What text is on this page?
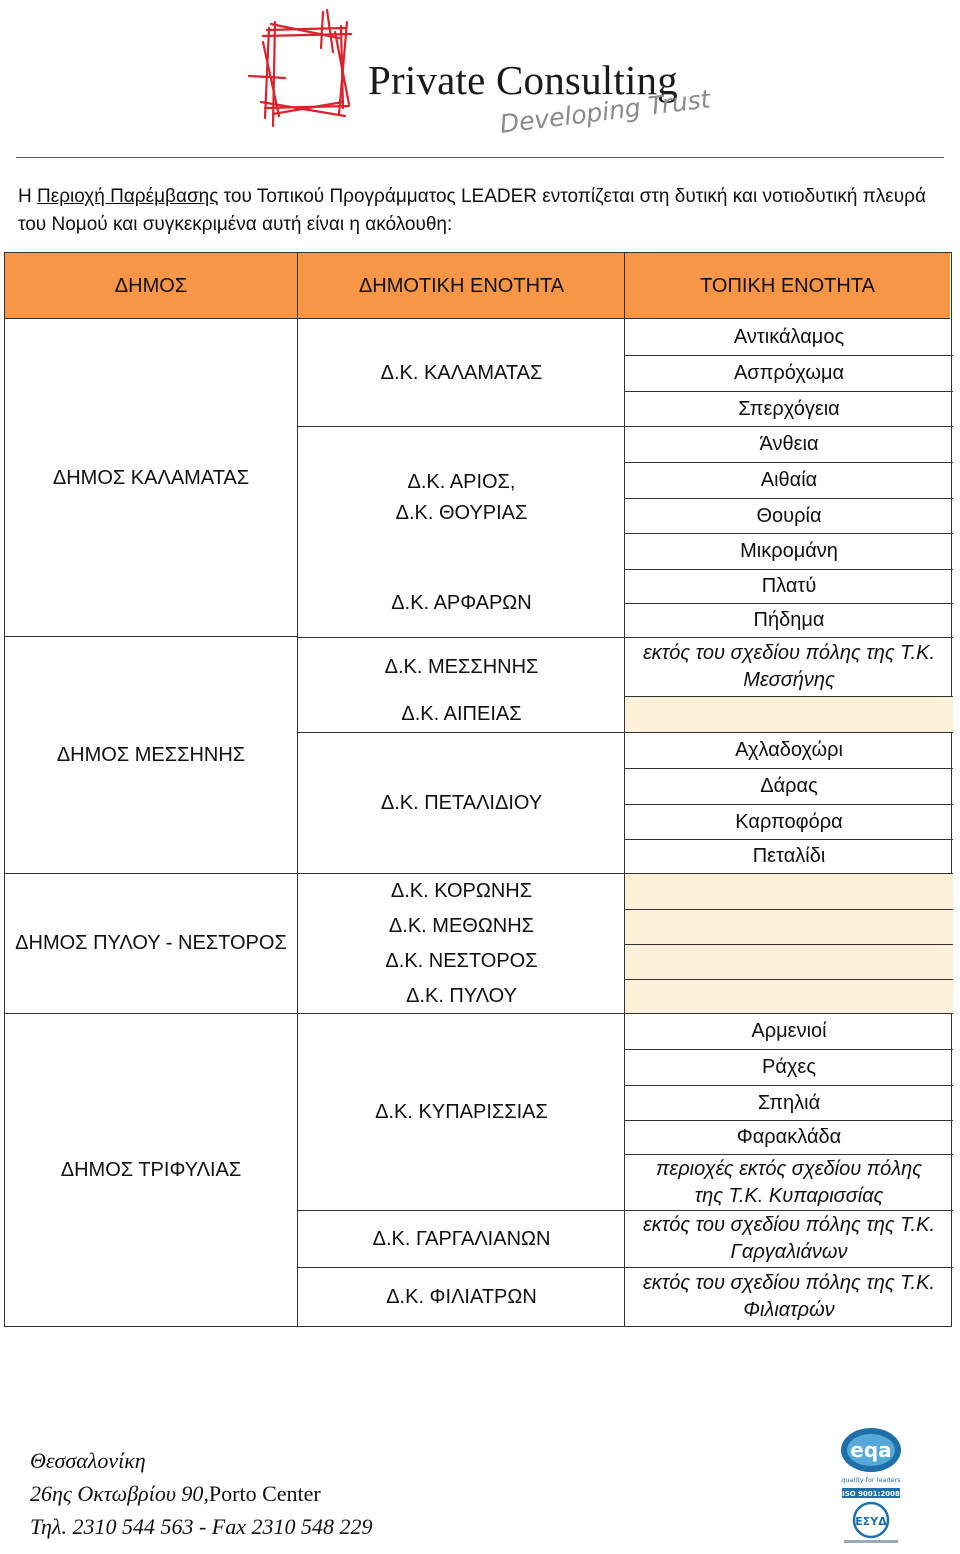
Private Consulting
Developing Trust
Η Περιοχή Παρέμβασης του Τοπικού Προγράμματος LEADER εντοπίζεται στη δυτική και νοτιοδυτική πλευρά του Νομού και συγκεκριμένα αυτή είναι η ακόλουθη:
ΔΗΜΟΣ	ΔΗΜΟΤΙΚΗ ΕΝΟΤΗΤΑ	ΤΟΠΙΚΗ ΕΝΟΤΗΤΑ
ΔΗΜΟΣ ΚΑΛΑΜΑΤΑΣ
ΔΗΜΟΣ ΜΕΣΣΗΝΗΣ
ΔΗΜΟΣ ΠΥΛΟΥ - ΝΕΣΤΟΡΟΣ
ΔΗΜΟΣ ΤΡΙΦΥΛΙΑΣ
Δ.Κ. ΚΑΛΑΜΑΤΑΣ
Δ.Κ. ΑΡΙΟΣ,
Δ.Κ. ΘΟΥΡΙΑΣ
Δ.Κ. ΑΡΦΑΡΩΝ
Δ.Κ. ΜΕΣΣΗΝΗΣ
Δ.Κ. ΑΙΠΕΙΑΣ
Δ.Κ. ΠΕΤΑΛΙΔΙΟΥ
Δ.Κ. ΚΟΡΩΝΗΣ
Δ.Κ. ΜΕΘΩΝΗΣ
Δ.Κ. ΝΕΣΤΟΡΟΣ
Δ.Κ. ΠΥΛΟΥ
Δ.Κ. ΚΥΠΑΡΙΣΣΙΑΣ
Δ.Κ. ΓΑΡΓΑΛΙΑΝΩΝ
Δ.Κ. ΦΙΛΙΑΤΡΩΝ
Αντικάλαμος
Ασπρόχωμα
Σπερχόγεια
Άνθεια
Αιθαία
Θουρία
Μικρομάνη
Πλατύ
Πήδημα
εκτός του σχεδίου πόλης της Τ.Κ. Μεσσήνης
Αχλαδοχώρι
Δάρας
Καρποφόρα
Πεταλίδι
Αρμενιοί
Ράχες
Σπηλιά
Φαρακλάδα
περιοχές εκτός σχεδίου πόλης της Τ.Κ. Κυπαρισσίας
εκτός του σχεδίου πόλης της Τ.Κ. Γαργαλιάνων
εκτός του σχεδίου πόλης της Τ.Κ. Φιλιατρών
Θεσσαλονίκη
26ης Οκτωβρίου 90,Porto Center
Τηλ. 2310 544 563 - Fax 2310 548 229
eqa
quality for leaders
ISO 9001:2008
ΕΣΥΔ
